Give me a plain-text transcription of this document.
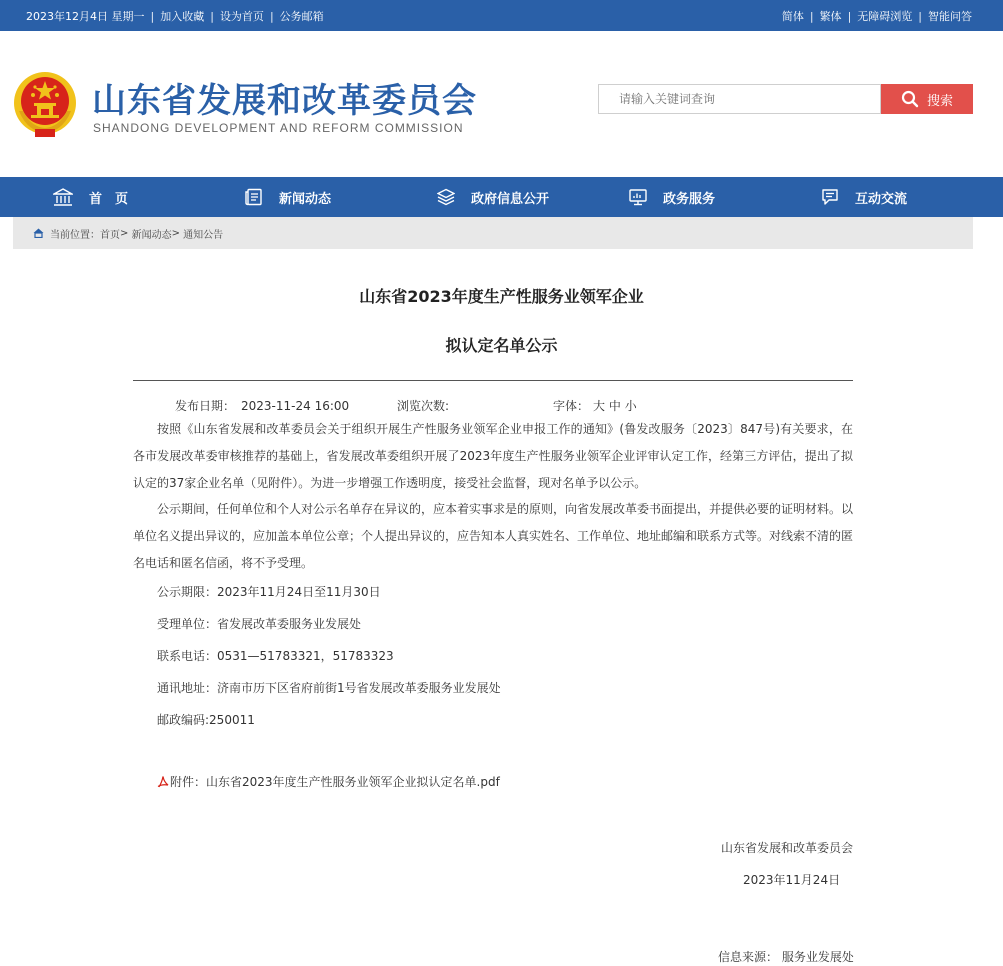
2023年12月4日 星期一 | 加入收藏 | 设为首页 | 公务邮箱	简体 | 繁体 | 无障碍浏览 | 智能问答
山东省发展和改革委员会
SHANDONG DEVELOPMENT AND REFORM COMMISSION
请输入关键词查询
搜索
首　页	新闻动态	政府信息公开	政务服务	互动交流
当前位置： 首页 >
新闻动态 >
通知公告
山东省2023年度生产性服务业领军企业
拟认定名单公示
发布日期： 2023-11-24 16:00	浏览次数:	字体： 大 中 小

按照《山东省发展和改革委员会关于组织开展生产性服务业领军企业申报工作的通知》(鲁发改服务〔2023〕847号)有关要求，在各市发展改革委审核推荐的基础上，省发展改革委组织开展了2023年度生产性服务业领军企业评审认定工作，经第三方评估，提出了拟认定的37家企业名单（见附件）。为进一步增强工作透明度，接受社会监督，现对名单予以公示。

公示期间，任何单位和个人对公示名单存在异议的，应本着实事求是的原则，向省发展改革委书面提出，并提供必要的证明材料。以单位名义提出异议的，应加盖本单位公章；个人提出异议的，应告知本人真实姓名、工作单位、地址邮编和联系方式等。对线索不清的匿名电话和匿名信函，将不予受理。

公示期限：2023年11月24日至11月30日
受理单位：省发展改革委服务业发展处
联系电话：0531—51783321，51783323
通讯地址：济南市历下区省府前街1号省发展改革委服务业发展处
邮政编码:250011
附件：山东省2023年度生产性服务业领军企业拟认定名单.pdf
山东省发展和改革委员会
2023年11月24日
信息来源： 服务业发展处
